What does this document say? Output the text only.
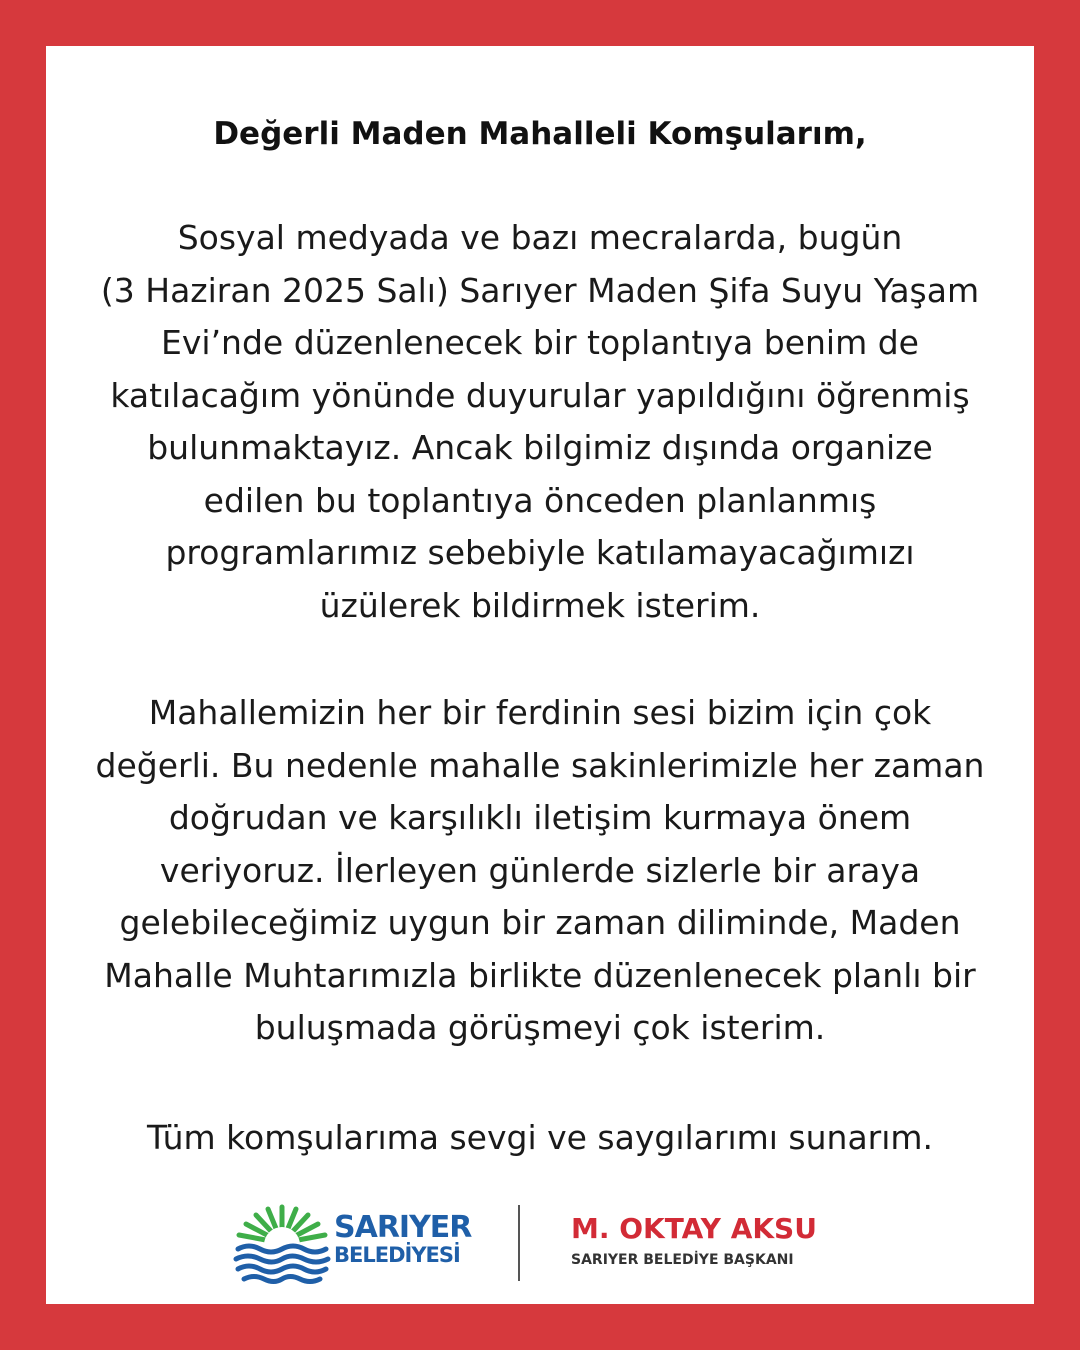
Değerli Maden Mahalleli Komşularım,
Sosyal medyada ve bazı mecralarda, bugün
(3 Haziran 2025 Salı) Sarıyer Maden Şifa Suyu Yaşam
Evi’nde düzenlenecek bir toplantıya benim de
katılacağım yönünde duyurular yapıldığını öğrenmiş
bulunmaktayız. Ancak bilgimiz dışında organize
edilen bu toplantıya önceden planlanmış
programlarımız sebebiyle katılamayacağımızı
üzülerek bildirmek isterim.
Mahallemizin her bir ferdinin sesi bizim için çok
değerli. Bu nedenle mahalle sakinlerimizle her zaman
doğrudan ve karşılıklı iletişim kurmaya önem
veriyoruz. İlerleyen günlerde sizlerle bir araya
gelebileceğimiz uygun bir zaman diliminde, Maden
Mahalle Muhtarımızla birlikte düzenlenecek planlı bir
buluşmada görüşmeyi çok isterim.
Tüm komşularıma sevgi ve saygılarımı sunarım.
SARIYER
BELEDİYESİ
M. OKTAY AKSU
SARIYER BELEDİYE BAŞKANI
